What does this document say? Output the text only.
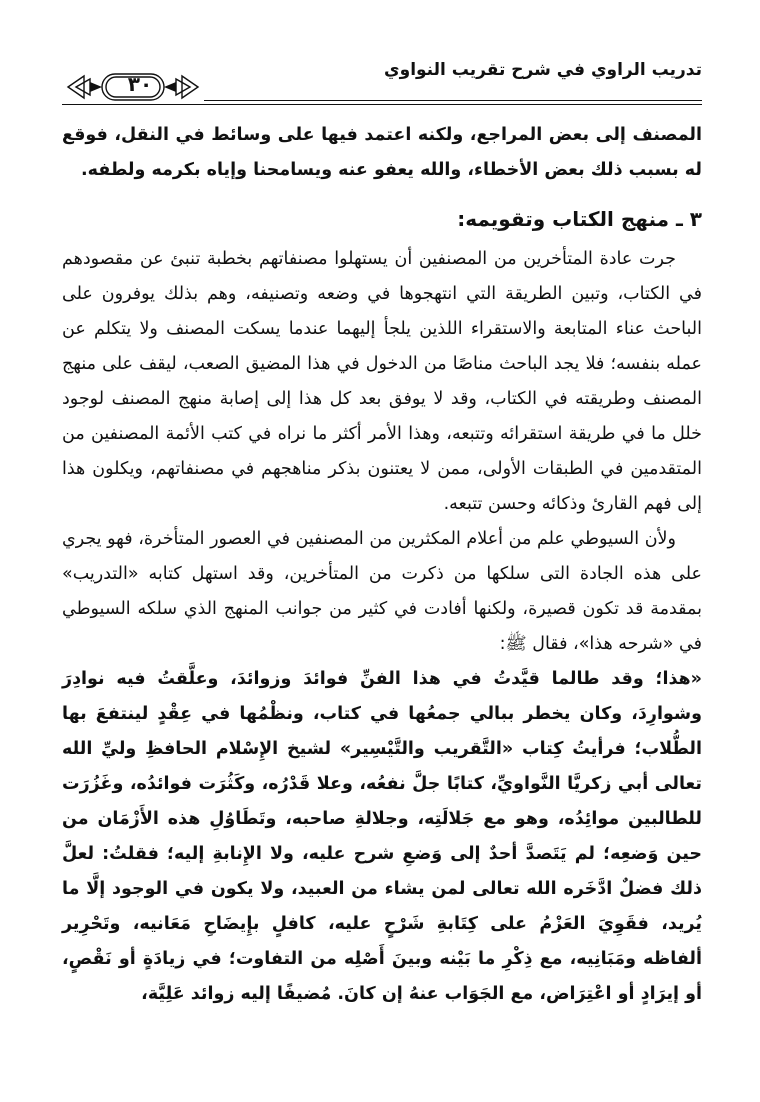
تدريب الراوي في شرح تقريب النواوي
٣٠

المصنف إلى بعض المراجع، ولكنه اعتمد فيها على وسائط في النقل، فوقع له بسبب ذلك بعض الأخطاء، والله يعفو عنه ويسامحنا وإياه بكرمه ولطفه.

٣ ـ منهج الكتاب وتقويمه:

جرت عادة المتأخرين من المصنفين أن يستهلوا مصنفاتهم بخطبة تنبئ عن مقصودهم في الكتاب، وتبين الطريقة التي انتهجوها في وضعه وتصنيفه، وهم بذلك يوفرون على الباحث عناء المتابعة والاستقراء اللذين يلجأ إليهما عندما يسكت المصنف ولا يتكلم عن عمله بنفسه؛ فلا يجد الباحث مناصًا من الدخول في هذا المضيق الصعب، ليقف على منهج المصنف وطريقته في الكتاب، وقد لا يوفق بعد كل هذا إلى إصابة منهج المصنف لوجود خلل ما في طريقة استقرائه وتتبعه، وهذا الأمر أكثر ما نراه في كتب الأئمة المصنفين من المتقدمين في الطبقات الأولى، ممن لا يعتنون بذكر مناهجهم في مصنفاتهم، ويكلون هذا إلى فهم القارئ وذكائه وحسن تتبعه.

ولأن السيوطي علم من أعلام المكثرين من المصنفين في العصور المتأخرة، فهو يجري على هذه الجادة التى سلكها من ذكرت من المتأخرين، وقد استهل كتابه «التدريب» بمقدمة قد تكون قصيرة، ولكنها أفادت في كثير من جوانب المنهج الذي سلكه السيوطي في «شرحه هذا»، فقال ﷺ:

«هذا؛ وقد طالما قيَّدتُ في هذا الفنِّ فوائدَ وزوائدَ، وعلَّقتُ فيه نوادِرَ وشوارِدَ، وكان يخطر ببالي جمعُها في كتاب، ونظْمُها في عِقْدٍ لينتفعَ بها الطُّلاب؛ فرأيتُ كِتاب «التَّقريب والتَّيْسِير» لشيخ الإِسْلام الحافظِ وليِّ الله تعالى أبي زكريَّا النَّواويِّ، كتابًا جلَّ نفعُه، وعلا قَدْرُه، وكَثُرَت فوائدُه، وغَزُرَت للطالبين موائِدُه، وهو مع جَلالَتِه، وجلالةِ صاحبه، وتَطَاوُلِ هذه الأَزْمَان من حين وَضعِه؛ لم يَتَصدَّ أحدٌ إلى وَضعِ شرح عليه، ولا الإِنابةِ إليه؛ فقلتُ: لعلَّ ذلك فضلٌ ادَّخَره الله تعالى لمن يشاء من العبيد، ولا يكون في الوجود إلَّا ما يُريد، فقَوِيَ العَزْمُ على كِتَابةِ شَرْحٍ عليه، كافلٍ بإِيضَاحِ مَعَانيه، وتَحْرِير ألفاظه ومَبَانِيه، مع ذِكْرِ ما بَيْنه وبينَ أَصْلِه من التفاوت؛ في زيادَةٍ أو نَقْصٍ، أو إيرَادٍ أو اعْتِرَاض، مع الجَوَاب عنهُ إن كانَ. مُضيفًا إليه زوائد عَلِيَّة،
